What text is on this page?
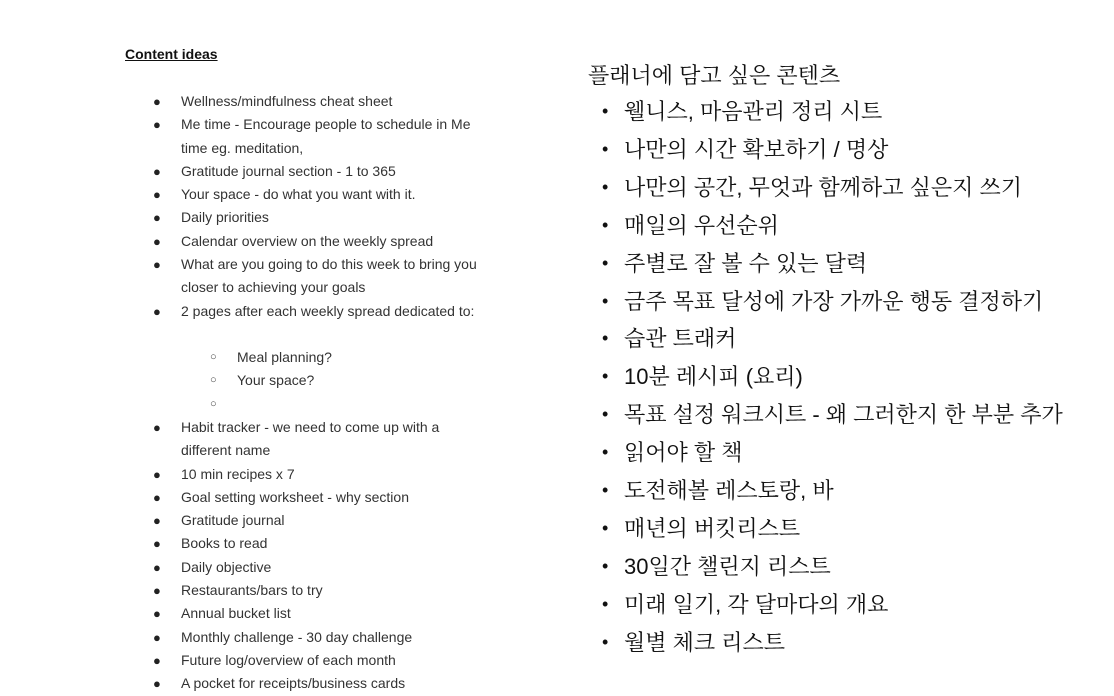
Content ideas
● Wellness/mindfulness cheat sheet
● Me time - Encourage people to schedule in Me time eg. meditation,
● Gratitude journal section - 1 to 365
● Your space - do what you want with it.
● Daily priorities
● Calendar overview on the weekly spread
● What are you going to do this week to bring you closer to achieving your goals
● 2 pages after each weekly spread dedicated to:
○ Meal planning?
○ Your space?
○
● Habit tracker - we need to come up with a different name
● 10 min recipes x 7
● Goal setting worksheet - why section
● Gratitude journal
● Books to read
● Daily objective
● Restaurants/bars to try
● Annual bucket list
● Monthly challenge - 30 day challenge
● Future log/overview of each month
● A pocket for receipts/business cards
플래너에 담고 싶은 콘텐츠
• 웰니스, 마음관리 정리 시트
• 나만의 시간 확보하기 / 명상
• 나만의 공간, 무엇과 함께하고 싶은지 쓰기
• 매일의 우선순위
• 주별로 잘 볼 수 있는 달력
• 금주 목표 달성에 가장 가까운 행동 결정하기
• 습관 트래커
• 10분 레시피 (요리)
• 목표 설정 워크시트 - 왜 그러한지 한 부분 추가
• 읽어야 할 책
• 도전해볼 레스토랑, 바
• 매년의 버킷리스트
• 30일간 챌린지 리스트
• 미래 일기, 각 달마다의 개요
• 월별 체크 리스트
